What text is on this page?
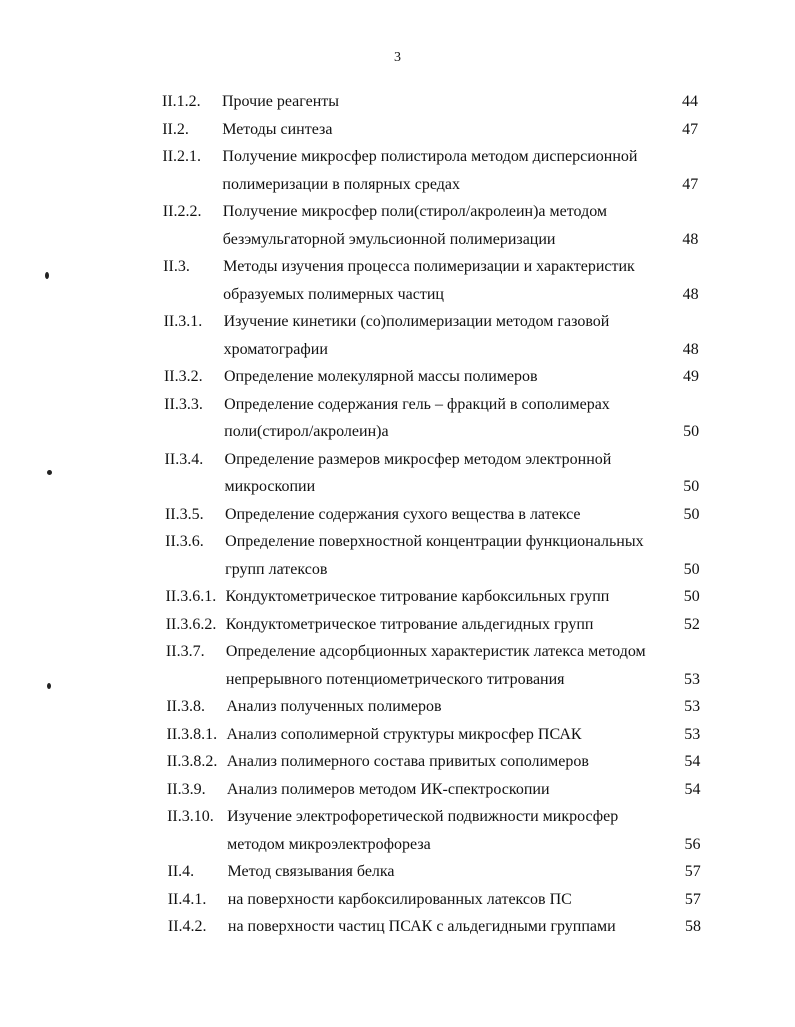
3
II.1.2. Прочие реагенты	44
II.2. Методы синтеза	47
II.2.1. Получение микросфер полистирола методом дисперсионной
полимеризации в полярных средах	47
II.2.2. Получение микросфер поли(стирол/акролеин)а методом
безэмульгаторной эмульсионной полимеризации	48
II.3. Методы изучения процесса полимеризации и характеристик
образуемых полимерных частиц	48
II.3.1. Изучение кинетики (со)полимеризации методом газовой
хроматографии	48
II.3.2. Определение молекулярной массы полимеров	49
II.3.3. Определение содержания гель – фракций в сополимерах
поли(стирол/акролеин)а	50
II.3.4. Определение размеров микросфер методом электронной
микроскопии	50
II.3.5. Определение содержания сухого вещества в латексе	50
II.3.6. Определение поверхностной концентрации функциональных
групп латексов	50
II.3.6.1. Кондуктометрическое титрование карбоксильных групп	50
II.3.6.2. Кондуктометрическое титрование альдегидных групп	52
II.3.7. Определение адсорбционных характеристик латекса методом
непрерывного потенциометрического титрования	53
II.3.8. Анализ полученных полимеров	53
II.3.8.1. Анализ сополимерной структуры микросфер ПСАК	53
II.3.8.2. Анализ полимерного состава привитых сополимеров	54
II.3.9. Анализ полимеров методом ИК-спектроскопии	54
II.3.10. Изучение электрофоретической подвижности микросфер
методом микроэлектрофореза	56
II.4. Метод связывания белка	57
II.4.1. на поверхности карбоксилированных латексов ПС	57
II.4.2. на поверхности частиц ПСАК с альдегидными группами	58
